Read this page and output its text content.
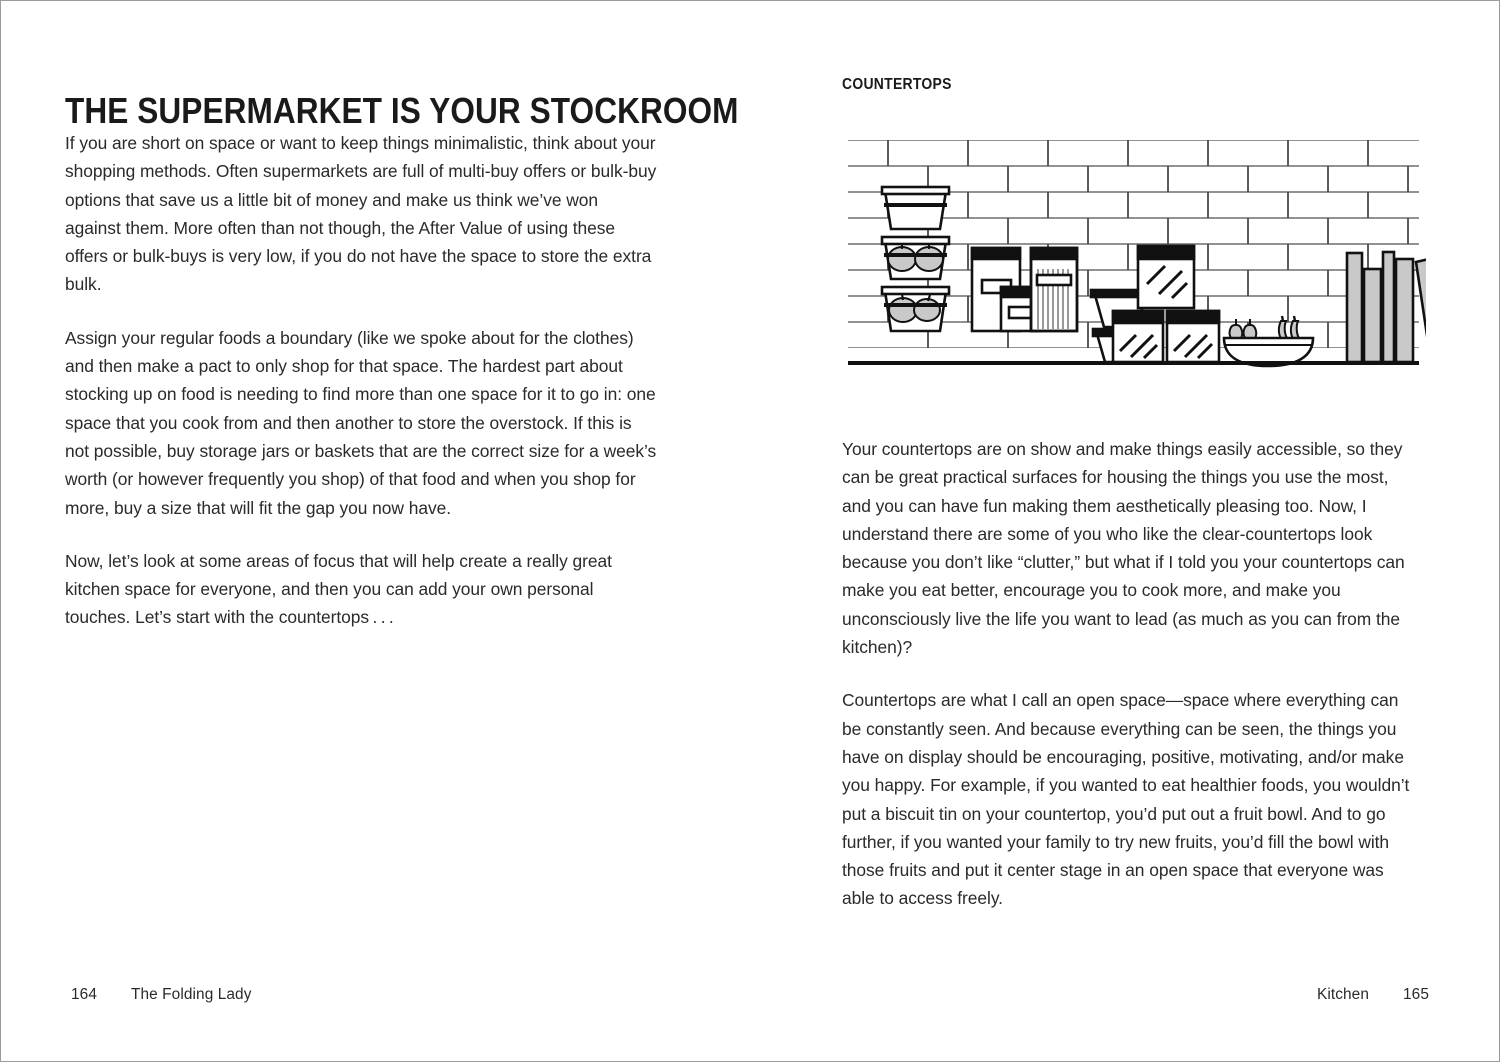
THE SUPERMARKET IS YOUR STOCKROOM

If you are short on space or want to keep things minimalistic, think about your shopping methods. Often supermarkets are full of multi-buy offers or bulk-buy options that save us a little bit of money and make us think we’ve won against them. More often than not though, the After Value of using these offers or bulk-buys is very low, if you do not have the space to store the extra bulk.

Assign your regular foods a boundary (like we spoke about for the clothes) and then make a pact to only shop for that space. The hardest part about stocking up on food is needing to find more than one space for it to go in: one space that you cook from and then another to store the overstock. If this is not possible, buy storage jars or baskets that are the correct size for a week’s worth (or however frequently you shop) of that food and when you shop for more, buy a size that will fit the gap you now have.

Now, let’s look at some areas of focus that will help create a really great kitchen space for everyone, and then you can add your own personal touches. Let’s start with the countertops . . .

164 The Folding Lady
COUNTERTOPS

Your countertops are on show and make things easily accessible, so they can be great practical surfaces for housing the things you use the most, and you can have fun making them aesthetically pleasing too. Now, I understand there are some of you who like the clear-countertops look because you don’t like “clutter,” but what if I told you your countertops can make you eat better, encourage you to cook more, and make you unconsciously live the life you want to lead (as much as you can from the kitchen)?

Countertops are what I call an open space—space where everything can be constantly seen. And because everything can be seen, the things you have on display should be encouraging, positive, motivating, and/or make you happy. For example, if you wanted to eat healthier foods, you wouldn’t put a biscuit tin on your countertop, you’d put out a fruit bowl. And to go further, if you wanted your family to try new fruits, you’d fill the bowl with those fruits and put it center stage in an open space that everyone was able to access freely.

Kitchen 165
